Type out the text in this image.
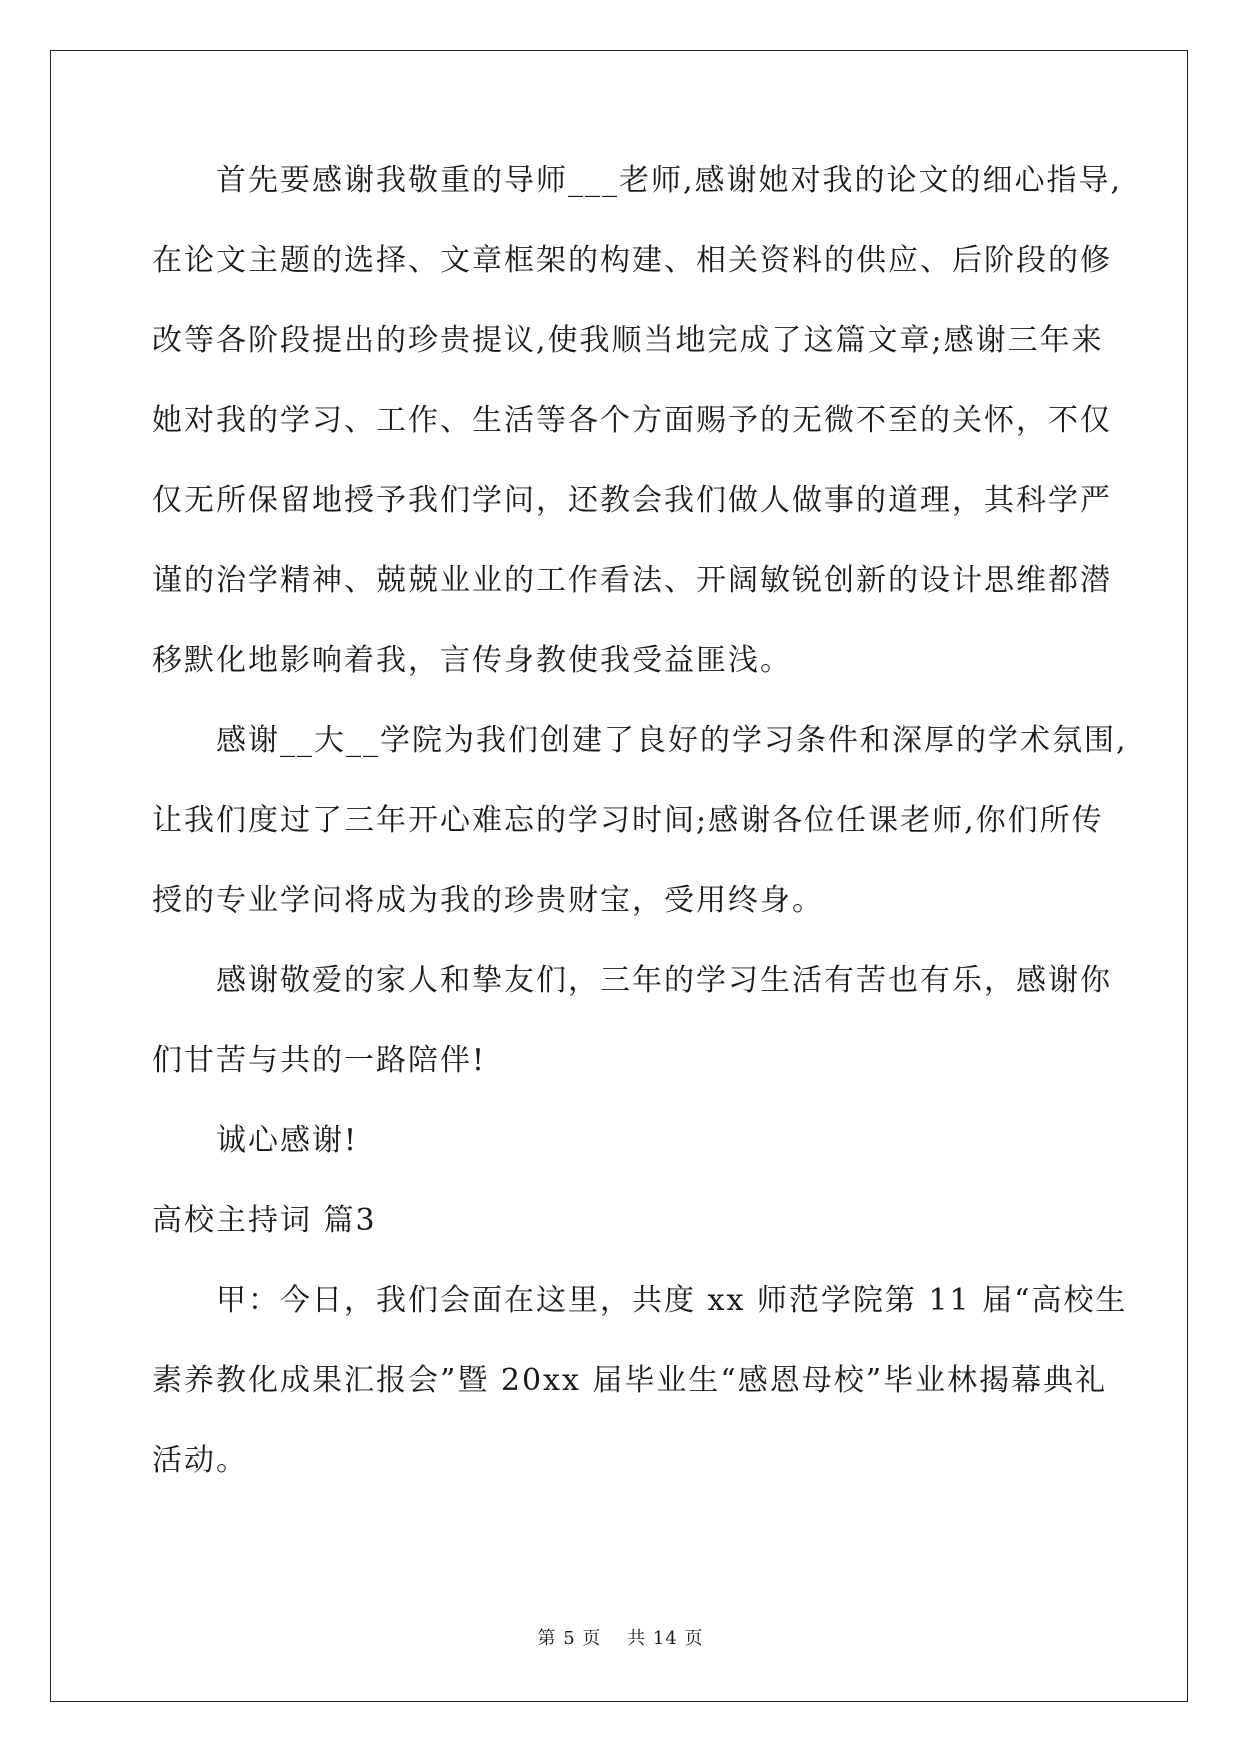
首先要感谢我敬重的导师___老师,感谢她对我的论文的细心指导,
在论文主题的选择、文章框架的构建、相关资料的供应、后阶段的修
改等各阶段提出的珍贵提议,使我顺当地完成了这篇文章;感谢三年来
她对我的学习、工作、生活等各个方面赐予的无微不至的关怀，不仅
仅无所保留地授予我们学问，还教会我们做人做事的道理，其科学严
谨的治学精神、兢兢业业的工作看法、开阔敏锐创新的设计思维都潜
移默化地影响着我，言传身教使我受益匪浅。
感谢__大__学院为我们创建了良好的学习条件和深厚的学术氛围,
让我们度过了三年开心难忘的学习时间;感谢各位任课老师,你们所传
授的专业学问将成为我的珍贵财宝，受用终身。
感谢敬爱的家人和挚友们，三年的学习生活有苦也有乐，感谢你
们甘苦与共的一路陪伴!
诚心感谢!
高校主持词 篇3
甲：今日，我们会面在这里，共度 xx 师范学院第 11 届“高校生
素养教化成果汇报会”暨 20xx 届毕业生“感恩母校”毕业林揭幕典礼
活动。
第 5 页　 共 14 页
